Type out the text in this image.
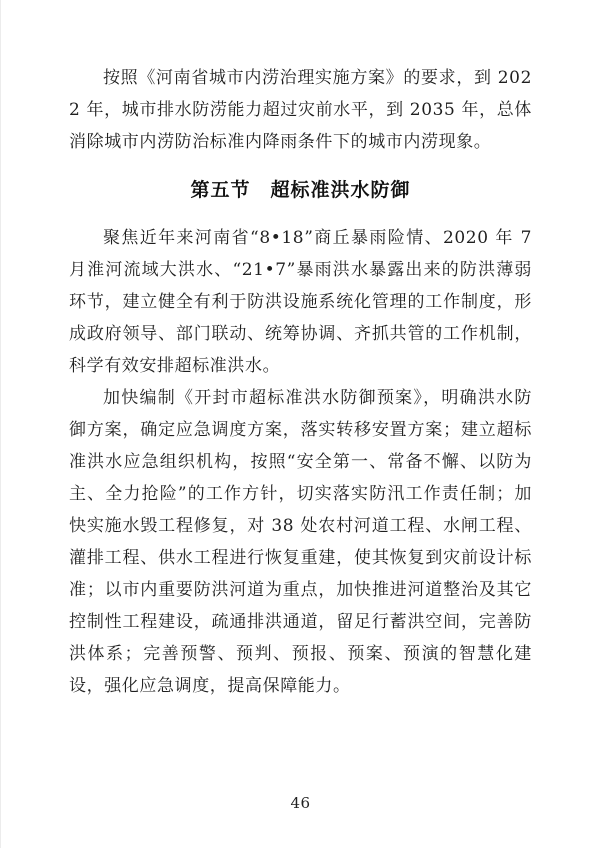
按照《河南省城市内涝治理实施方案》的要求，到 2022 年，城市排水防涝能力超过灾前水平，到 2035 年，总体消除城市内涝防治标准内降雨条件下的城市内涝现象。

第五节　超标准洪水防御

聚焦近年来河南省“8•18”商丘暴雨险情、2020 年 7 月淮河流域大洪水、“21•7”暴雨洪水暴露出来的防洪薄弱环节，建立健全有利于防洪设施系统化管理的工作制度，形成政府领导、部门联动、统筹协调、齐抓共管的工作机制，科学有效安排超标准洪水。

加快编制《开封市超标准洪水防御预案》，明确洪水防御方案，确定应急调度方案，落实转移安置方案；建立超标准洪水应急组织机构，按照“安全第一、常备不懈、以防为主、全力抢险”的工作方针，切实落实防汛工作责任制；加快实施水毁工程修复，对 38 处农村河道工程、水闸工程、灌排工程、供水工程进行恢复重建，使其恢复到灾前设计标准；以市内重要防洪河道为重点，加快推进河道整治及其它控制性工程建设，疏通排洪通道，留足行蓄洪空间，完善防洪体系；完善预警、预判、预报、预案、预演的智慧化建设，强化应急调度，提高保障能力。

46
